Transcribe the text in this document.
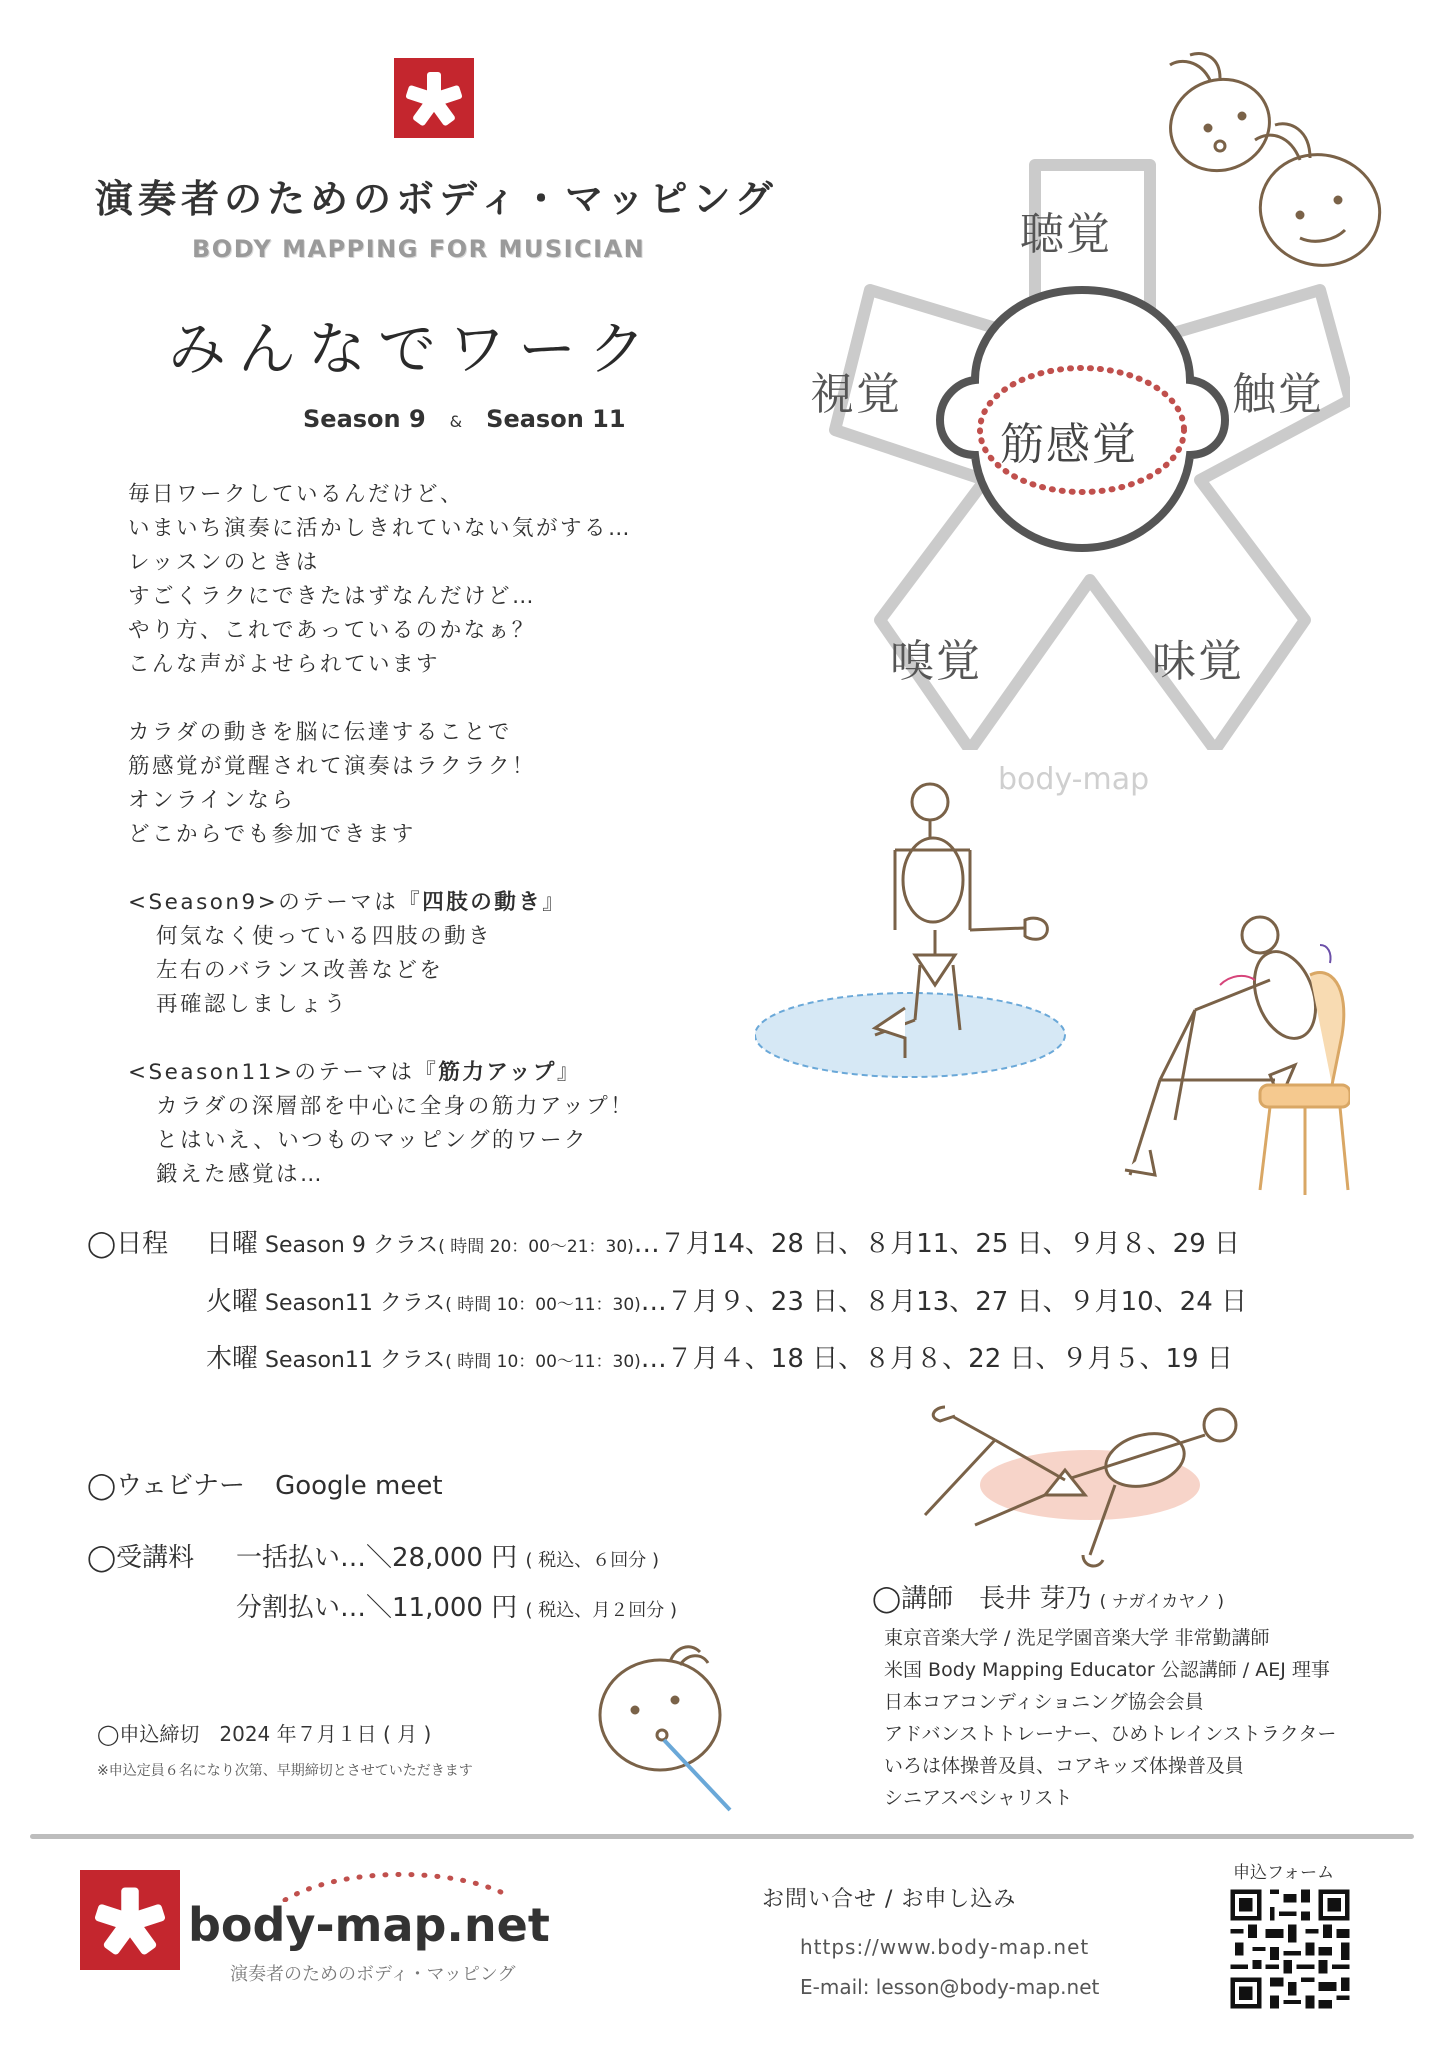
演奏者のためのボディ・マッピング
BODY MAPPING FOR MUSICIAN
みんなでワーク
Season 9 & Season 11
聴覚
視覚	触覚
筋感覚
嗅覚	味覚
body-map

毎日ワークしているんだけど、
いまいち演奏に活かしきれていない気がする…
レッスンのときは
すごくラクにできたはずなんだけど…
やり方、これであっているのかなぁ？
こんな声がよせられています

カラダの動きを脳に伝達することで
筋感覚が覚醒されて演奏はラクラク！
オンラインなら
どこからでも参加できます

<Season9>のテーマは『四肢の動き』

何気なく使っている四肢の動き
左右のバランス改善などを
再確認しましょう

<Season11>のテーマは『筋力アップ』

カラダの深層部を中心に全身の筋力アップ！
とはいえ、いつものマッピング的ワーク
鍛えた感覚は…

◯日程 日曜 Season 9 クラス( 時間 20：00〜21：30)…７月14、28 日、８月11、25 日、９月８、29 日
火曜 Season11 クラス( 時間 10：00〜11：30)…７月９、23 日、８月13、27 日、９月10、24 日
木曜 Season11 クラス( 時間 10：00〜11：30)…７月４、18 日、８月８、22 日、９月５、19 日
◯ウェビナー Google meet
◯受講料 一括払い…＼28,000 円 ( 税込、６回分 )
分割払い…＼11,000 円 ( 税込、月２回分 )
◯申込締切　2024 年７月１日 ( 月 )
※申込定員６名になり次第、早期締切とさせていただきます
◯講師　長井 芽乃 ( ナガイカヤノ )
東京音楽大学 / 洗足学園音楽大学 非常勤講師
米国 Body Mapping Educator 公認講師 / AEJ 理事
日本コアコンディショニング協会会員
アドバンストトレーナー、ひめトレインストラクター
いろは体操普及員、コアキッズ体操普及員
シニアスペシャリスト
body-map.net
演奏者のためのボディ・マッピング
お問い合せ / お申し込み
https://www.body-map.net
E-mail: lesson@body-map.net
申込フォーム
